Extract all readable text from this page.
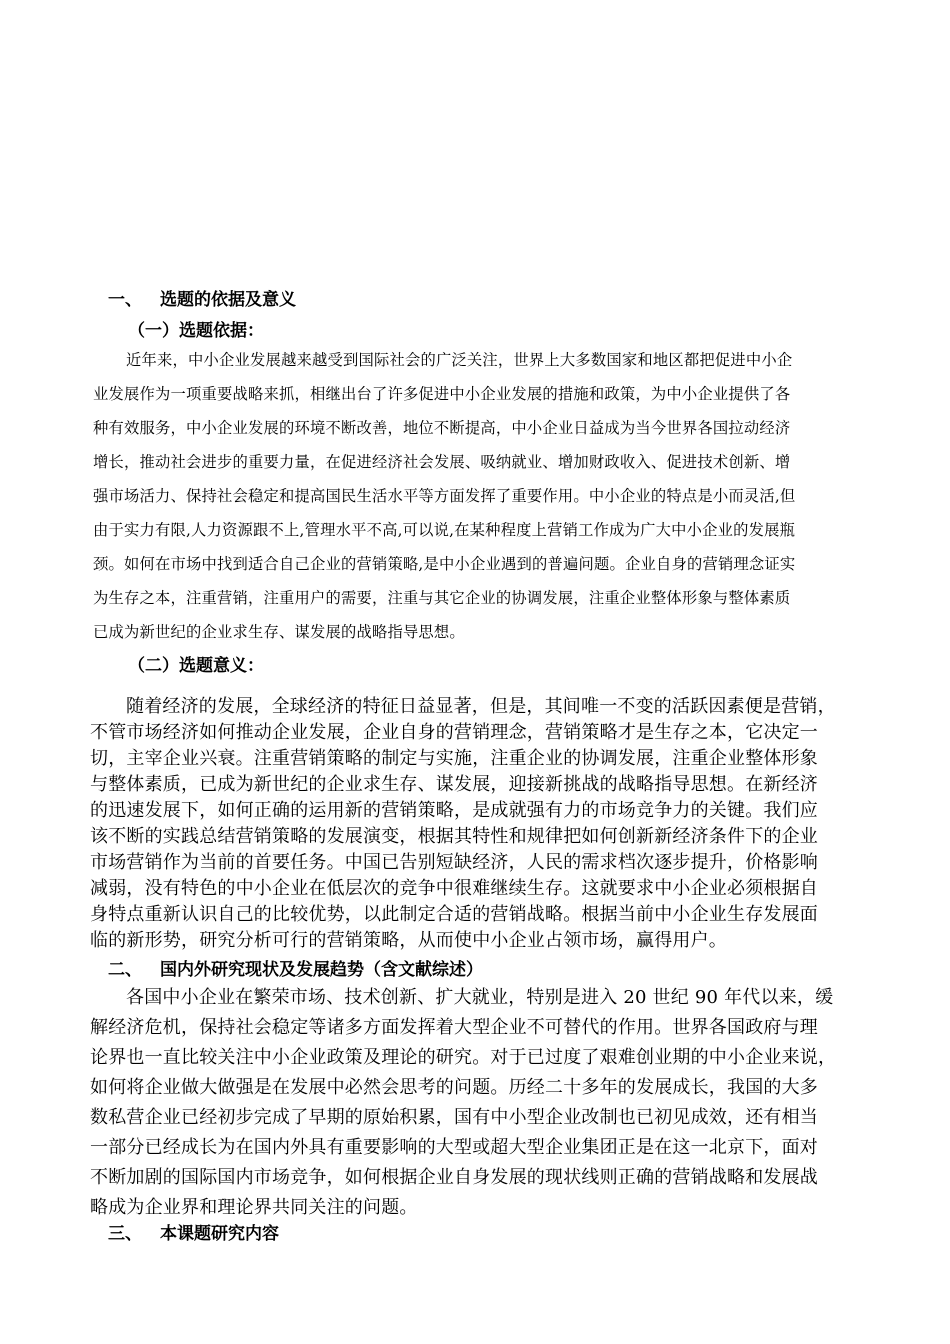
一、 选题的依据及意义
（一）选题依据：

近年来，中小企业发展越来越受到国际社会的广泛关注，世界上大多数国家和地区都把促进中小企

业发展作为一项重要战略来抓，相继出台了许多促进中小企业发展的措施和政策，为中小企业提供了各

种有效服务，中小企业发展的环境不断改善，地位不断提高，中小企业日益成为当今世界各国拉动经济

增长，推动社会进步的重要力量，在促进经济社会发展、吸纳就业、增加财政收入、促进技术创新、增

强市场活力、保持社会稳定和提高国民生活水平等方面发挥了重要作用。中小企业的特点是小而灵活,但

由于实力有限,人力资源跟不上,管理水平不高,可以说,在某种程度上营销工作成为广大中小企业的发展瓶

颈。如何在市场中找到适合自己企业的营销策略,是中小企业遇到的普遍问题。企业自身的营销理念证实

为生存之本，注重营销，注重用户的需要，注重与其它企业的协调发展，注重企业整体形象与整体素质

已成为新世纪的企业求生存、谋发展的战略指导思想。

（二）选题意义：

随着经济的发展，全球经济的特征日益显著，但是，其间唯一不变的活跃因素便是营销，

不管市场经济如何推动企业发展，企业自身的营销理念，营销策略才是生存之本，它决定一

切，主宰企业兴衰。注重营销策略的制定与实施，注重企业的协调发展，注重企业整体形象

与整体素质，已成为新世纪的企业求生存、谋发展，迎接新挑战的战略指导思想。在新经济

的迅速发展下，如何正确的运用新的营销策略，是成就强有力的市场竞争力的关键。我们应

该不断的实践总结营销策略的发展演变，根据其特性和规律把如何创新新经济条件下的企业

市场营销作为当前的首要任务。中国已告别短缺经济，人民的需求档次逐步提升，价格影响

减弱，没有特色的中小企业在低层次的竞争中很难继续生存。这就要求中小企业必须根据自

身特点重新认识自己的比较优势，以此制定合适的营销战略。根据当前中小企业生存发展面

临的新形势，研究分析可行的营销策略，从而使中小企业占领市场，赢得用户。

二、 国内外研究现状及发展趋势（含文献综述）

各国中小企业在繁荣市场、技术创新、扩大就业，特别是进入 20 世纪 90 年代以来，缓

解经济危机，保持社会稳定等诸多方面发挥着大型企业不可替代的作用。世界各国政府与理

论界也一直比较关注中小企业政策及理论的研究。对于已过度了艰难创业期的中小企业来说，

如何将企业做大做强是在发展中必然会思考的问题。历经二十多年的发展成长，我国的大多

数私营企业已经初步完成了早期的原始积累，国有中小型企业改制也已初见成效，还有相当

一部分已经成长为在国内外具有重要影响的大型或超大型企业集团正是在这一北京下，面对

不断加剧的国际国内市场竞争，如何根据企业自身发展的现状线则正确的营销战略和发展战

略成为企业界和理论界共同关注的问题。

三、 本课题研究内容
